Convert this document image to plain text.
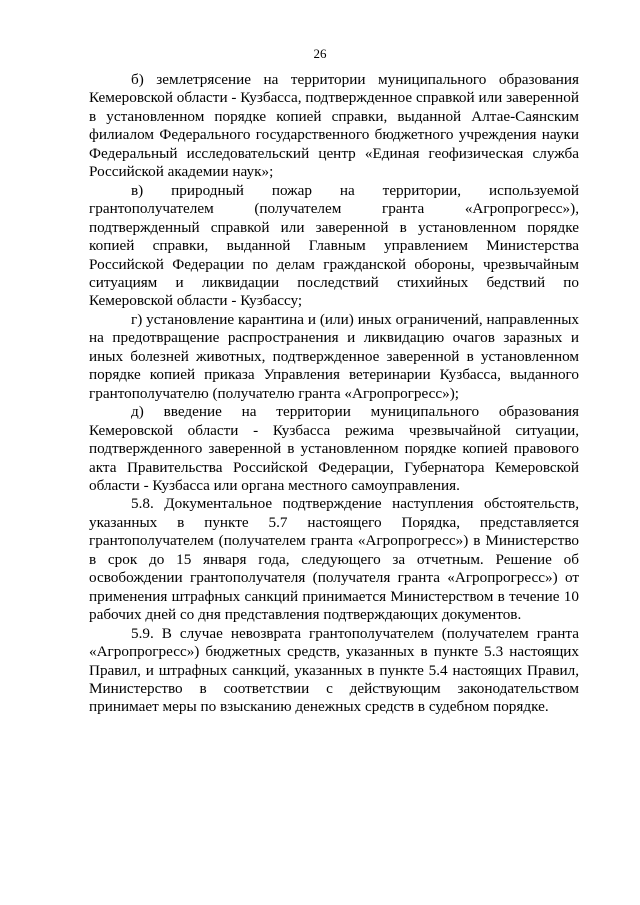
26

б) землетрясение на территории муниципального образования Кемеровской области - Кузбасса, подтвержденное справкой или заверенной в установленном порядке копией справки, выданной Алтае-Саянским филиалом Федерального государственного бюджетного учреждения науки Федеральный исследовательский центр «Единая геофизическая служба Российской академии наук»;

в) природный пожар на территории, используемой грантополучателем (получателем гранта «Агропрогресс»), подтвержденный справкой или заверенной в установленном порядке копией справки, выданной Главным управлением Министерства Российской Федерации по делам гражданской обороны, чрезвычайным ситуациям и ликвидации последствий стихийных бедствий по Кемеровской области - Кузбассу;

г) установление карантина и (или) иных ограничений, направленных на предотвращение распространения и ликвидацию очагов заразных и иных болезней животных, подтвержденное заверенной в установленном порядке копией приказа Управления ветеринарии Кузбасса, выданного грантополучателю (получателю гранта «Агропрогресс»);

д) введение на территории муниципального образования Кемеровской области - Кузбасса режима чрезвычайной ситуации, подтвержденного заверенной в установленном порядке копией правового акта Правительства Российской Федерации, Губернатора Кемеровской области - Кузбасса или органа местного самоуправления.

5.8. Документальное подтверждение наступления обстоятельств, указанных в пункте 5.7 настоящего Порядка, представляется грантополучателем (получателем гранта «Агропрогресс») в Министерство в срок до 15 января года, следующего за отчетным. Решение об освобождении грантополучателя (получателя гранта «Агропрогресс») от применения штрафных санкций принимается Министерством в течение 10 рабочих дней со дня представления подтверждающих документов.

5.9. В случае невозврата грантополучателем (получателем гранта «Агропрогресс») бюджетных средств, указанных в пункте 5.3 настоящих Правил, и штрафных санкций, указанных в пункте 5.4 настоящих Правил, Министерство в соответствии с действующим законодательством принимает меры по взысканию денежных средств в судебном порядке.
